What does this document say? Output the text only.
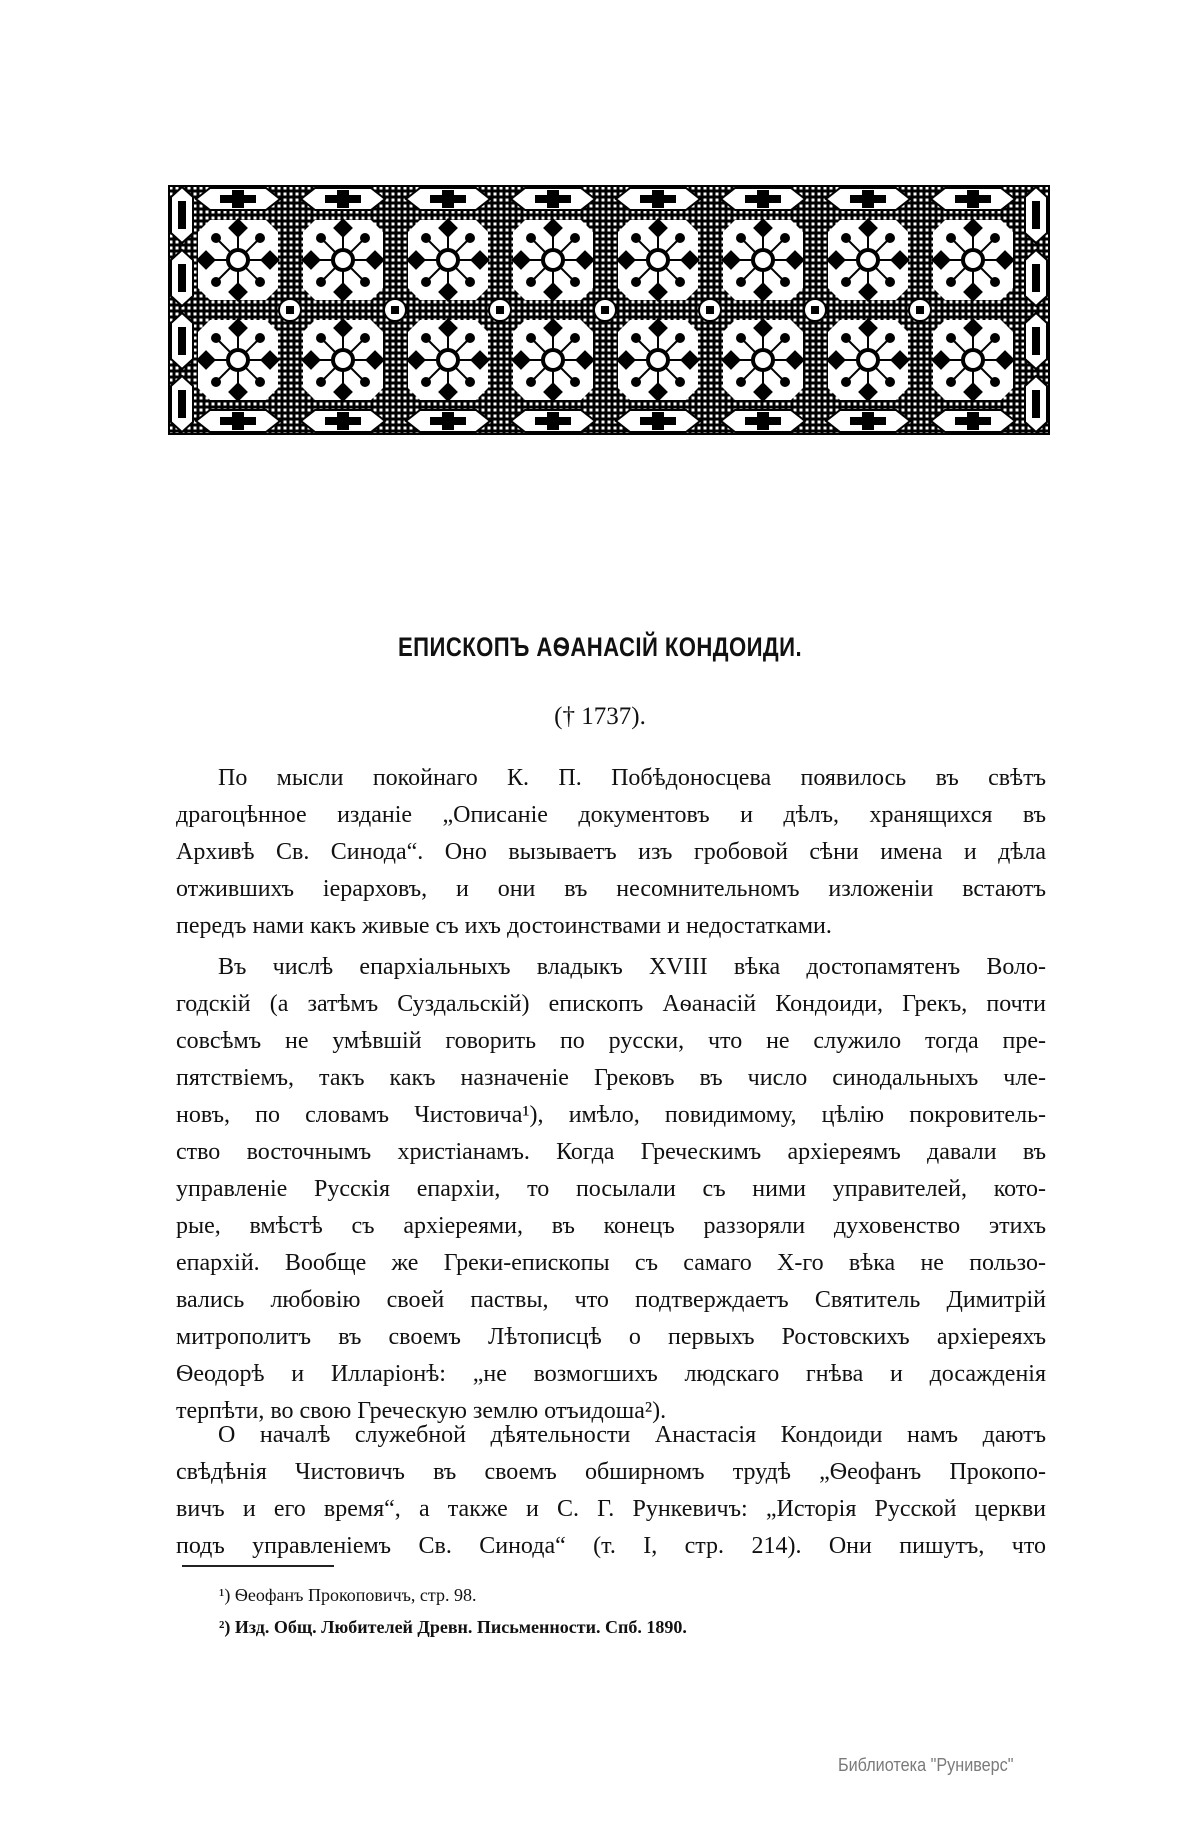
ЕПИСКОПЪ АѲАНАСІЙ КОНДОИДИ.
(† 1737).
По мысли покойнаго К. П. Побѣдоносцева появилось въ свѣтъ
драгоцѣнное изданіе „Описаніе документовъ и дѣлъ, хранящихся въ
Архивѣ Св. Синода“. Оно вызываетъ изъ гробовой сѣни имена и дѣла
отжившихъ іерарховъ, и они въ несомнительномъ изложеніи встаютъ
передъ нами какъ живые съ ихъ достоинствами и недостатками.
Въ числѣ епархіальныхъ владыкъ XVIII вѣка достопамятенъ Воло-
годскій (а затѣмъ Суздальскій) епископъ Аѳанасій Кондоиди, Грекъ, почти
совсѣмъ не умѣвшій говорить по русски, что не служило тогда пре-
пятствіемъ, такъ какъ назначеніе Грековъ въ число синодальныхъ чле-
новъ, по словамъ Чистовича¹), имѣло, повидимому, цѣлію покровитель-
ство восточнымъ христіанамъ. Когда Греческимъ архіереямъ давали въ
управленіе Русскія епархіи, то посылали съ ними управителей, кото-
рые, вмѣстѣ съ архіереями, въ конецъ раззоряли духовенство этихъ
епархій. Вообще же Греки-епископы съ самаго X-го вѣка не пользо-
вались любовію своей паствы, что подтверждаетъ Святитель Димитрій
митрополитъ въ своемъ Лѣтописцѣ о первыхъ Ростовскихъ архіереяхъ
Ѳеодорѣ и Илларіонѣ: „не возмогшихъ людскаго гнѣва и досажденія
терпѣти, во свою Греческую землю отъидоша²).
О началѣ служебной дѣятельности Анастасія Кондоиди намъ даютъ
свѣдѣнія Чистовичъ въ своемъ обширномъ трудѣ „Ѳеофанъ Прокопо-
вичъ и его время“, а также и С. Г. Рункевичъ: „Исторія Русской церкви
подъ управленіемъ Св. Синода“ (т. I, стр. 214). Они пишутъ, что
¹) Ѳеофанъ Прокоповичъ, стр. 98.
²) Изд. Общ. Любителей Древн. Письменности. Спб. 1890.
Библиотека "Руниверс"
